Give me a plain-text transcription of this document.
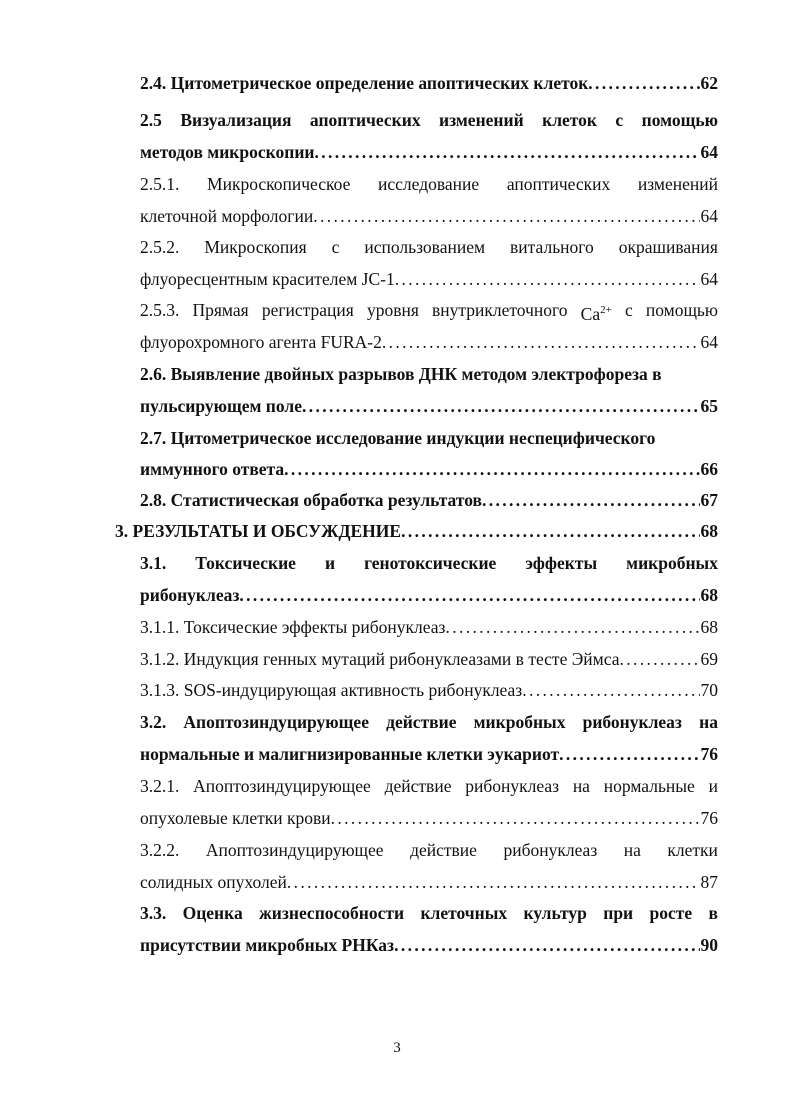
2.4. Цитометрическое определение апоптических клеток . . .	62
2.5 Визуализация апоптических изменений клеток с помощью
методов микроскопии . . .	64
2.5.1. Микроскопическое исследование апоптических изменений
клеточной морфологии . . .	64
2.5.2. Микроскопия с использованием витального окрашивания
флуоресцентным красителем JC-1 . . .	64
2.5.3. Прямая регистрация уровня внутриклеточного $Ca^{2+}$ с помощью
флуорохромного агента FURA-2 . . .	64
2.6. Выявление двойных разрывов ДНК методом электрофореза в
пульсирующем поле . . .	65
2.7. Цитометрическое исследование индукции неспецифического
иммунного ответа . . .	66
2.8. Статистическая обработка результатов . . .	67
3. РЕЗУЛЬТАТЫ И ОБСУЖДЕНИЕ . . .	68
3.1. Токсические и генотоксические эффекты микробных
рибонуклеаз . . .	68
3.1.1. Токсические эффекты рибонуклеаз . . .	68
3.1.2. Индукция генных мутаций рибонуклеазами в тесте Эймса . . .	69
3.1.3. SOS-индуцирующая активность рибонуклеаз . . .	70
3.2. Апоптозиндуцирующее действие микробных рибонуклеаз на
нормальные и малигнизированные клетки эукариот . . .	76
3.2.1. Апоптозиндуцирующее действие рибонуклеаз на нормальные и
опухолевые клетки крови . . .	76
3.2.2. Апоптозиндуцирующее действие рибонуклеаз на клетки
солидных опухолей . . .	87
3.3. Оценка жизнеспособности клеточных культур при росте в
присутствии микробных РНКаз . . .	90
3
